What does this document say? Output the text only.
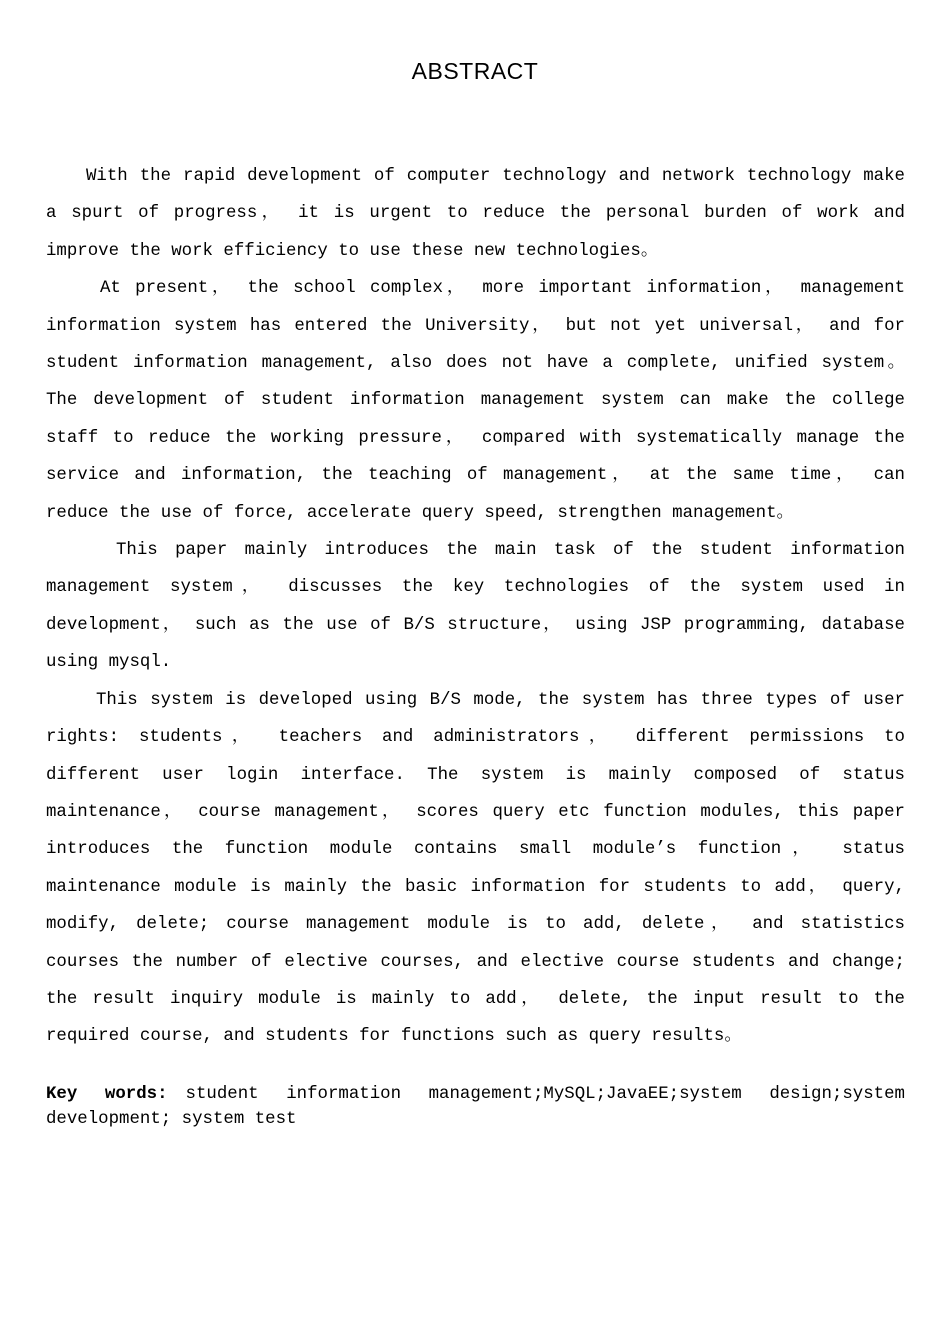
ABSTRACT

With the rapid development of computer technology and network technology make a spurt of progress， it is urgent to reduce the personal burden of work and improve the work efficiency to use these new technologies。

At present， the school complex， more important information， management information system has entered the University， but not yet universal， and for student information management, also does not have a complete, unified system。 The development of student information management system can make the college staff to reduce the working pressure， compared with systematically manage the service and information, the teaching of management， at the same time， can reduce the use of force, accelerate query speed, strengthen management。

This paper mainly introduces the main task of the student information management system， discusses the key technologies of the system used in development， such as the use of B/S structure， using JSP programming, database using mysql.

This system is developed using B/S mode, the system has three types of user rights: students， teachers and administrators， different permissions to different user login interface. The system is mainly composed of status maintenance， course management， scores query etc function modules, this paper introduces the function module contains small module’s function， status maintenance module is mainly the basic information for students to add， query, modify, delete; course management module is to add, delete， and statistics courses the number of elective courses, and elective course students and change; the result inquiry module is mainly to add， delete, the input result to the required course, and students for functions such as query results。

Key words: student information management;MySQL;JavaEE;system design;system development; system test
